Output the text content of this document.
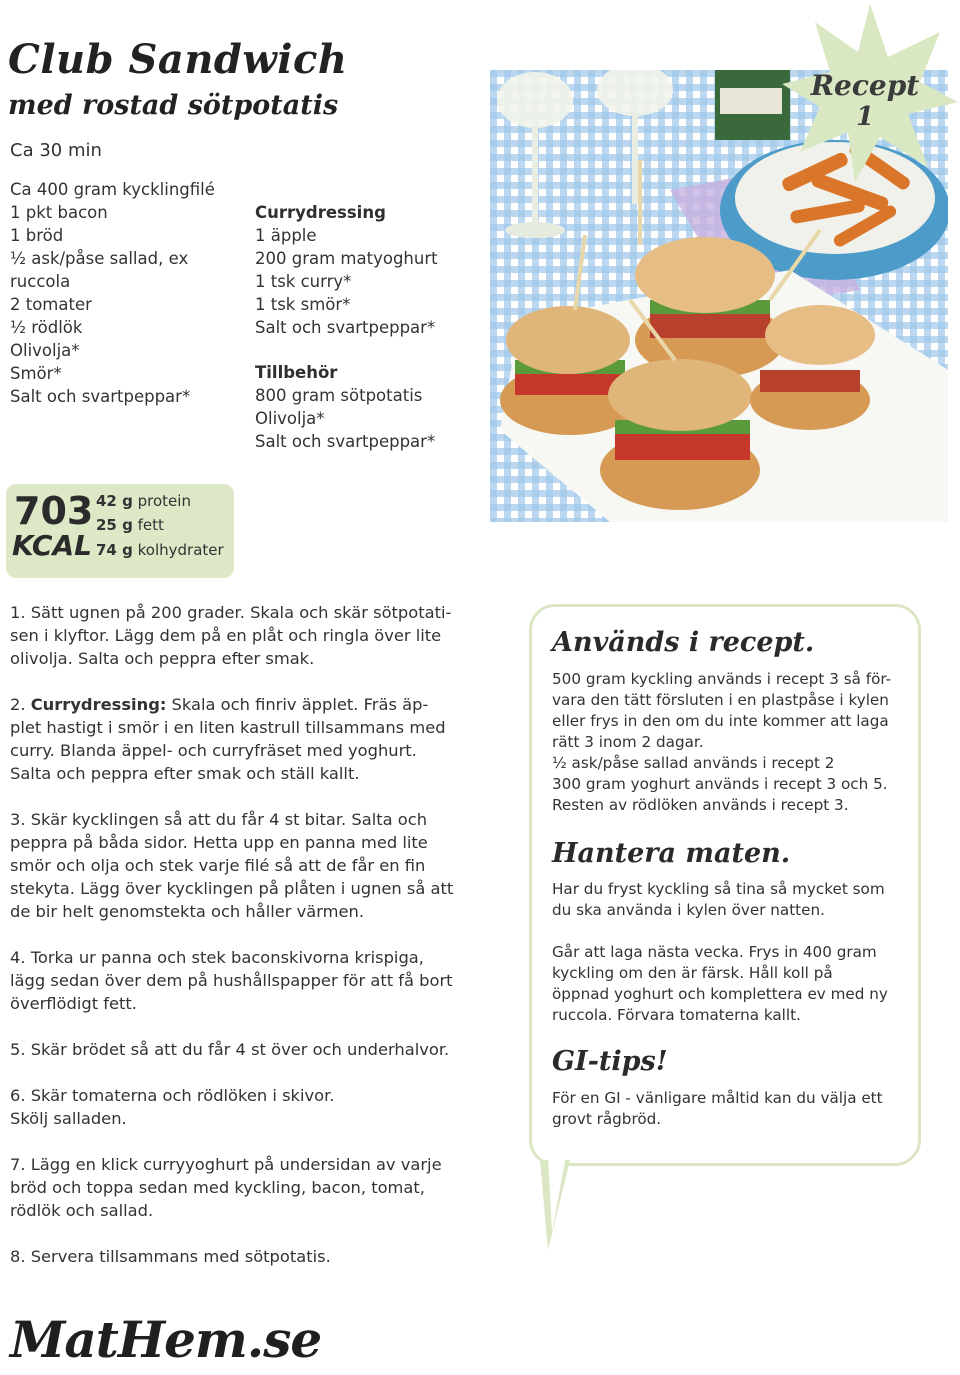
Club Sandwich
med rostad sötpotatis
Ca 30 min
Ca 400 gram kycklingfilé
1 pkt bacon
1 bröd
½ ask/påse sallad, ex
ruccola
2 tomater
½ rödlök
Olivolja*
Smör*
Salt och svartpeppar*
Currydressing
1 äpple
200 gram matyoghurt
1 tsk curry*
1 tsk smör*
Salt och svartpeppar*
Tillbehör
800 gram sötpotatis
Olivolja*
Salt och svartpeppar*
Recept
1
703
KCAL
42 g protein
25 g fett
74 g kolhydrater

1. Sätt ugnen på 200 grader. Skala och skär sötpotati-
sen i klyftor. Lägg dem på en plåt och ringla över lite
olivolja. Salta och peppra efter smak.

2. Currydressing: Skala och finriv äpplet. Fräs äp-
plet hastigt i smör i en liten kastrull tillsammans med
curry. Blanda äppel- och curryfräset med yoghurt.
Salta och peppra efter smak och ställ kallt.

3. Skär kycklingen så att du får 4 st bitar. Salta och
peppra på båda sidor. Hetta upp en panna med lite
smör och olja och stek varje filé så att de får en fin
stekyta. Lägg över kycklingen på plåten i ugnen så att
de bir helt genomstekta och håller värmen.

4. Torka ur panna och stek baconskivorna krispiga,
lägg sedan över dem på hushållspapper för att få bort
överflödigt fett.

5. Skär brödet så att du får 4 st över och underhalvor.

6. Skär tomaterna och rödlöken i skivor.
Skölj salladen.

7. Lägg en klick curryyoghurt på undersidan av varje
bröd och toppa sedan med kyckling, bacon, tomat,
rödlök och sallad.

8. Servera tillsammans med sötpotatis.

Används i recept.
500 gram kyckling används i recept 3 så för-
vara den tätt försluten i en plastpåse i kylen
eller frys in den om du inte kommer att laga
rätt 3 inom 2 dagar.
½ ask/påse sallad används i recept 2
300 gram yoghurt används i recept 3 och 5.
Resten av rödlöken används i recept 3.
Hantera maten.
Har du fryst kyckling så tina så mycket som
du ska använda i kylen över natten.
Går att laga nästa vecka. Frys in 400 gram
kyckling om den är färsk. Håll koll på
öppnad yoghurt och komplettera ev med ny
ruccola. Förvara tomaterna kallt.
GI-tips!
För en GI - vänligare måltid kan du välja ett
grovt rågbröd.
MatHem.se
